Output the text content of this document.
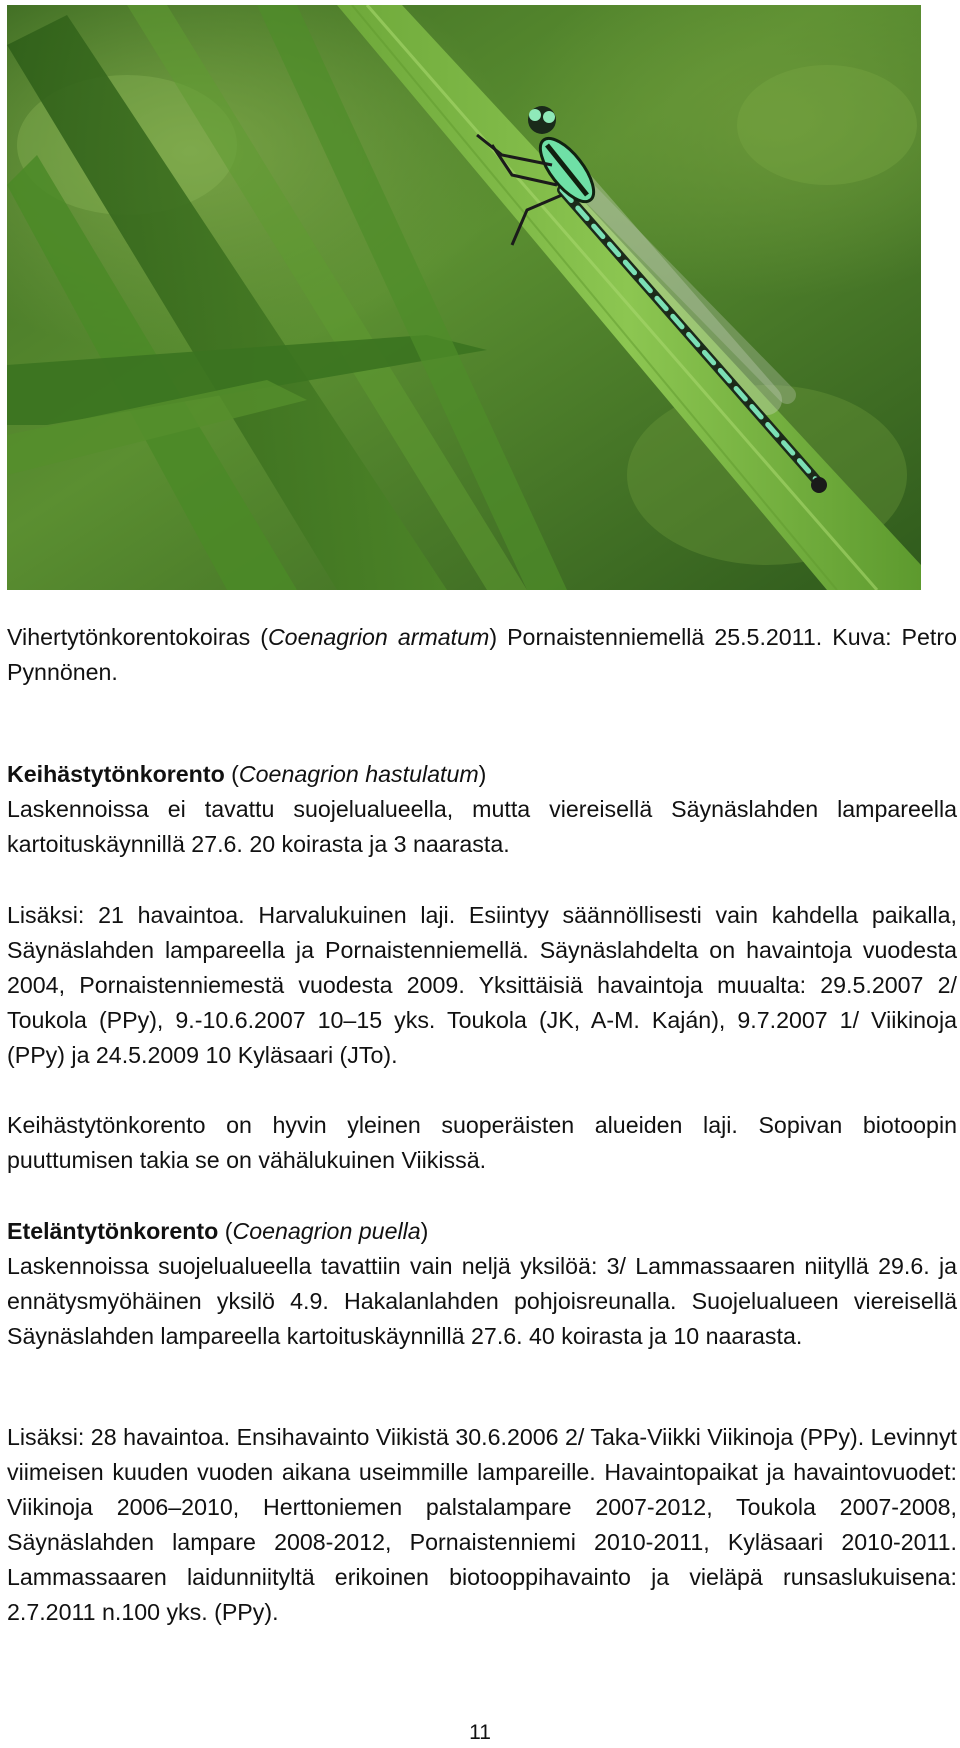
Vihertytönkorentokoiras (Coenagrion armatum) Pornaistenniemellä 25.5.2011. Kuva: Petro Pynnönen.

Keihästytönkorento (Coenagrion hastulatum)
Laskennoissa ei tavattu suojelualueella, mutta viereisellä Säynäslahden lampareella kartoituskäynnillä 27.6. 20 koirasta ja 3 naarasta.

Lisäksi: 21 havaintoa. Harvalukuinen laji. Esiintyy säännöllisesti vain kahdella paikalla, Säynäslahden lampareella ja Pornaistenniemellä. Säynäslahdelta on havaintoja vuodesta 2004, Pornaistenniemestä vuodesta 2009. Yksittäisiä havaintoja muualta: 29.5.2007 2/ Toukola (PPy), 9.-10.6.2007 10–15 yks. Toukola (JK, A-M. Kaján), 9.7.2007 1/ Viikinoja (PPy) ja 24.5.2009 10 Kyläsaari (JTo).

Keihästytönkorento on hyvin yleinen suoperäisten alueiden laji. Sopivan biotoopin puuttumisen takia se on vähälukuinen Viikissä.

Eteläntytönkorento (Coenagrion puella)
Laskennoissa suojelualueella tavattiin vain neljä yksilöä: 3/ Lammassaaren niityllä 29.6. ja ennätysmyöhäinen yksilö 4.9. Hakalanlahden pohjoisreunalla. Suojelualueen viereisellä Säynäslahden lampareella kartoituskäynnillä 27.6. 40 koirasta ja 10 naarasta.

Lisäksi: 28 havaintoa. Ensihavainto Viikistä 30.6.2006 2/ Taka-Viikki Viikinoja (PPy). Levinnyt viimeisen kuuden vuoden aikana useimmille lampareille. Havaintopaikat ja havaintovuodet: Viikinoja 2006–2010, Herttoniemen palstalampare 2007-2012, Toukola 2007-2008, Säynäslahden lampare 2008-2012, Pornaistenniemi 2010-2011, Kyläsaari 2010-2011. Lammassaaren laidunniityltä erikoinen biotooppihavainto ja vieläpä runsaslukuisena: 2.7.2011 n.100 yks. (PPy).

11
